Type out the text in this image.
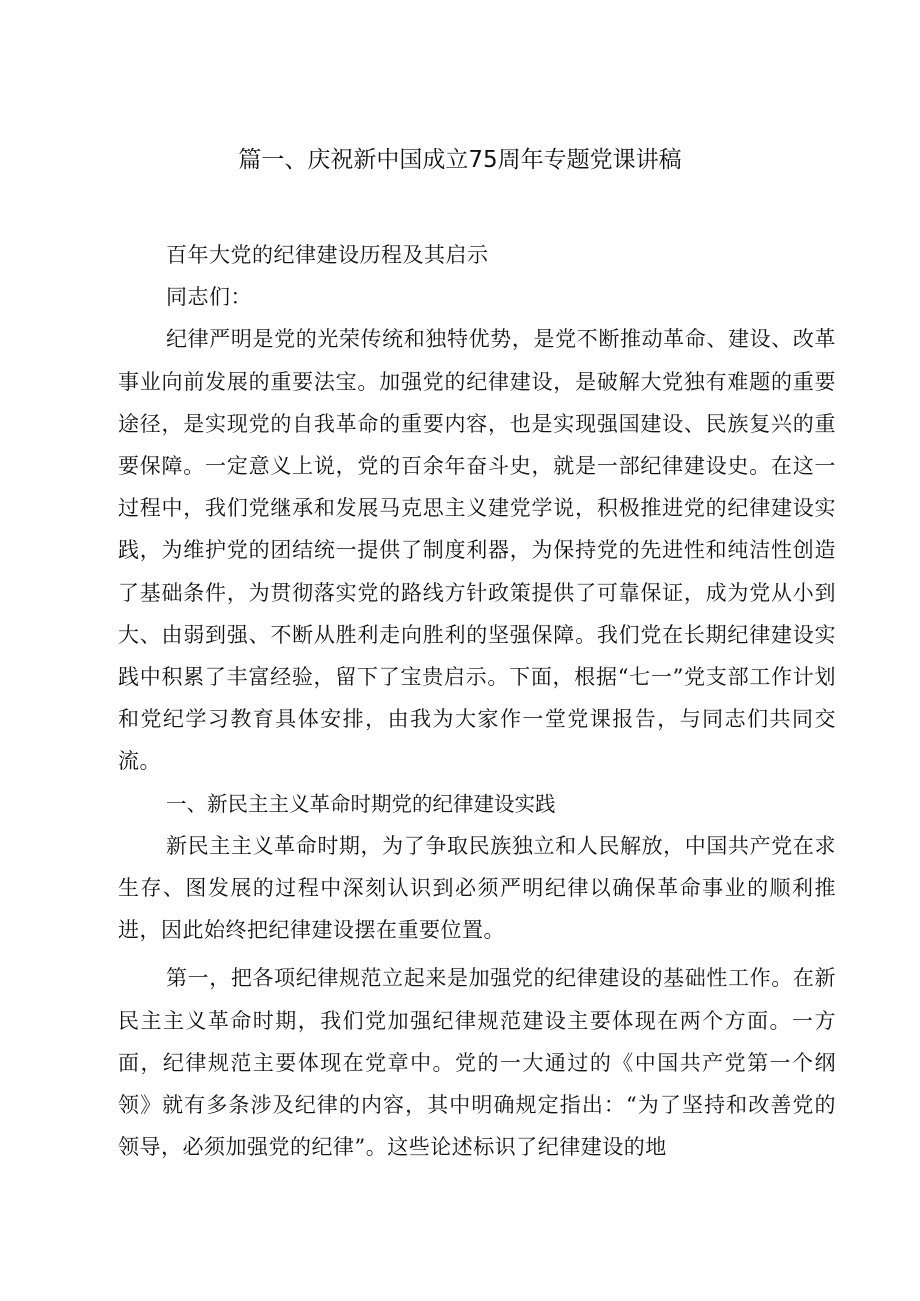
篇一、庆祝新中国成立75周年专题党课讲稿

百年大党的纪律建设历程及其启示

同志们：

纪律严明是党的光荣传统和独特优势，是党不断推动革命、建设、改革事业向前发展的重要法宝。加强党的纪律建设，是破解大党独有难题的重要途径，是实现党的自我革命的重要内容，也是实现强国建设、民族复兴的重要保障。一定意义上说，党的百余年奋斗史，就是一部纪律建设史。在这一过程中，我们党继承和发展马克思主义建党学说，积极推进党的纪律建设实践，为维护党的团结统一提供了制度利器，为保持党的先进性和纯洁性创造了基础条件，为贯彻落实党的路线方针政策提供了可靠保证，成为党从小到大、由弱到强、不断从胜利走向胜利的坚强保障。我们党在长期纪律建设实践中积累了丰富经验，留下了宝贵启示。下面，根据“七一”党支部工作计划和党纪学习教育具体安排，由我为大家作一堂党课报告，与同志们共同交流。

一、新民主主义革命时期党的纪律建设实践

新民主主义革命时期，为了争取民族独立和人民解放，中国共产党在求生存、图发展的过程中深刻认识到必须严明纪律以确保革命事业的顺利推进，因此始终把纪律建设摆在重要位置。

第一，把各项纪律规范立起来是加强党的纪律建设的基础性工作。在新民主主义革命时期，我们党加强纪律规范建设主要体现在两个方面。一方面，纪律规范主要体现在党章中。党的一大通过的《中国共产党第一个纲领》就有多条涉及纪律的内容，其中明确规定指出：“为了坚持和改善党的领导，必须加强党的纪律”。这些论述标识了纪律建设的地
